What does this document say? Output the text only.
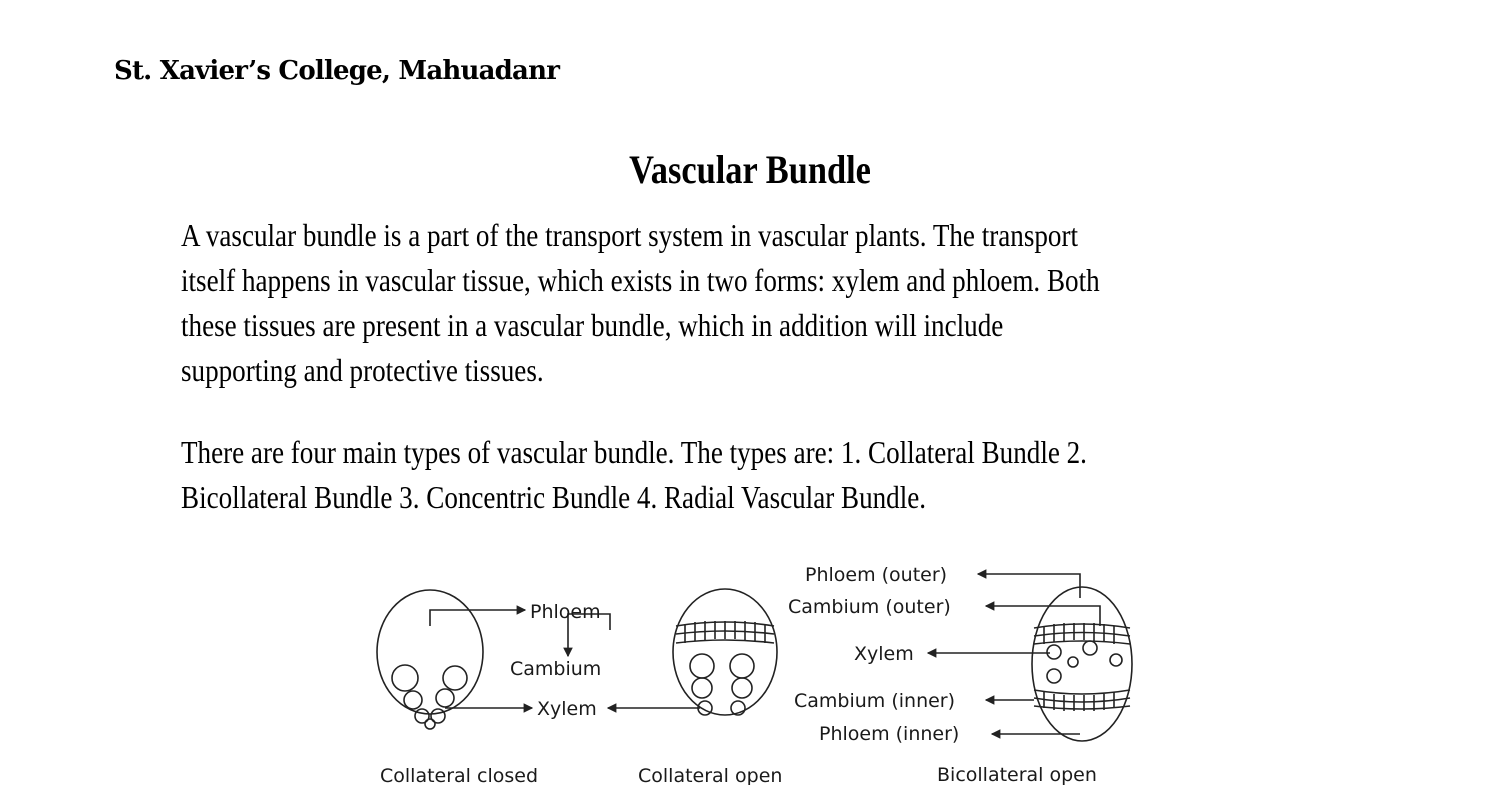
St. Xavier’s College, Mahuadanr
Vascular Bundle
A vascular bundle is a part of the transport system in vascular plants. The transport
itself happens in vascular tissue, which exists in two forms: xylem and phloem. Both
these tissues are present in a vascular bundle, which in addition will include
supporting and protective tissues.
There are four main types of vascular bundle. The types are: 1. Collateral Bundle 2.
Bicollateral Bundle 3. Concentric Bundle 4. Radial Vascular Bundle.
Phloem
Cambium
Xylem
Phloem (outer)
Cambium (outer)
Xylem
Cambium (inner)
Phloem (inner)
Collateral closed	Collateral open	Bicollateral open
